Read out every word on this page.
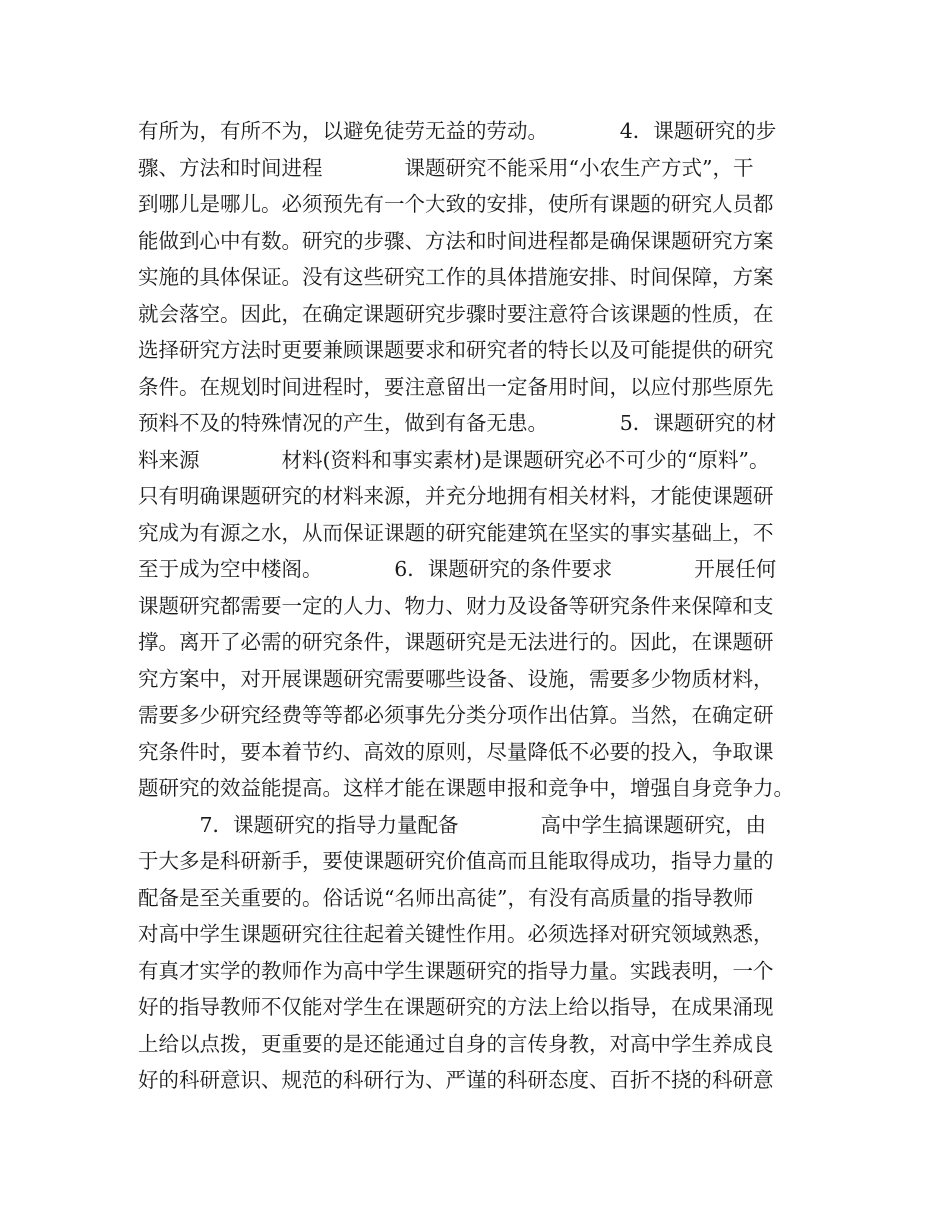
有所为，有所不为，以避免徒劳无益的劳动。　　　　4．课题研究的步
骤、方法和时间进程　　　　课题研究不能采用“小农生产方式”，干
到哪儿是哪儿。必须预先有一个大致的安排，使所有课题的研究人员都
能做到心中有数。研究的步骤、方法和时间进程都是确保课题研究方案
实施的具体保证。没有这些研究工作的具体措施安排、时间保障，方案
就会落空。因此，在确定课题研究步骤时要注意符合该课题的性质，在
选择研究方法时更要兼顾课题要求和研究者的特长以及可能提供的研究
条件。在规划时间进程时，要注意留出一定备用时间，以应付那些原先
预料不及的特殊情况的产生，做到有备无患。　　　　5．课题研究的材
料来源　　　　材料(资料和事实素材)是课题研究必不可少的“原料”。
只有明确课题研究的材料来源，并充分地拥有相关材料，才能使课题研
究成为有源之水，从而保证课题的研究能建筑在坚实的事实基础上，不
至于成为空中楼阁。　　　　6．课题研究的条件要求　　　　开展任何
课题研究都需要一定的人力、物力、财力及设备等研究条件来保障和支
撑。离开了必需的研究条件，课题研究是无法进行的。因此，在课题研
究方案中，对开展课题研究需要哪些设备、设施，需要多少物质材料，
需要多少研究经费等等都必须事先分类分项作出估算。当然，在确定研
究条件时，要本着节约、高效的原则，尽量降低不必要的投入，争取课
题研究的效益能提高。这样才能在课题申报和竞争中，增强自身竞争力。
　　　7．课题研究的指导力量配备　　　　高中学生搞课题研究，由
于大多是科研新手，要使课题研究价值高而且能取得成功，指导力量的
配备是至关重要的。俗话说“名师出高徒”，有没有高质量的指导教师
对高中学生课题研究往往起着关键性作用。必须选择对研究领域熟悉，
有真才实学的教师作为高中学生课题研究的指导力量。实践表明，一个
好的指导教师不仅能对学生在课题研究的方法上给以指导，在成果涌现
上给以点拨，更重要的是还能通过自身的言传身教，对高中学生养成良
好的科研意识、规范的科研行为、严谨的科研态度、百折不挠的科研意
